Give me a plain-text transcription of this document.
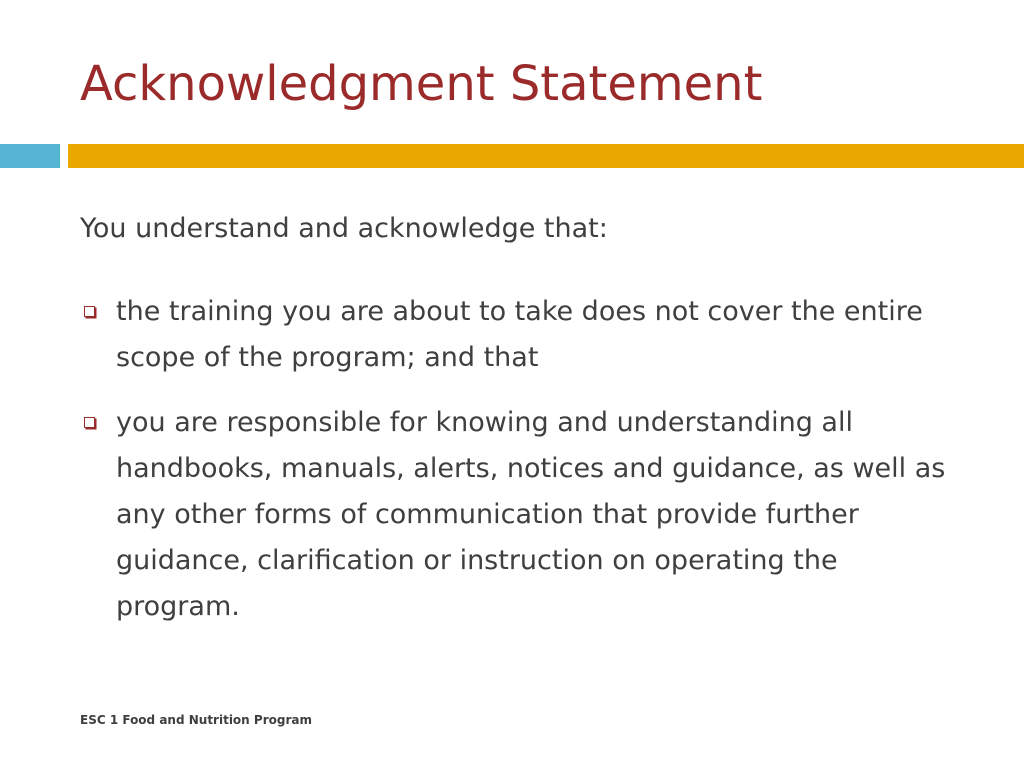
Acknowledgment Statement

You understand and acknowledge that:

the training you are about to take does not cover the entire scope of the program; and that
you are responsible for knowing and understanding all handbooks, manuals, alerts, notices and guidance, as well as any other forms of communication that provide further guidance, clarification or instruction on operating the program.

ESC 1 Food and Nutrition Program
